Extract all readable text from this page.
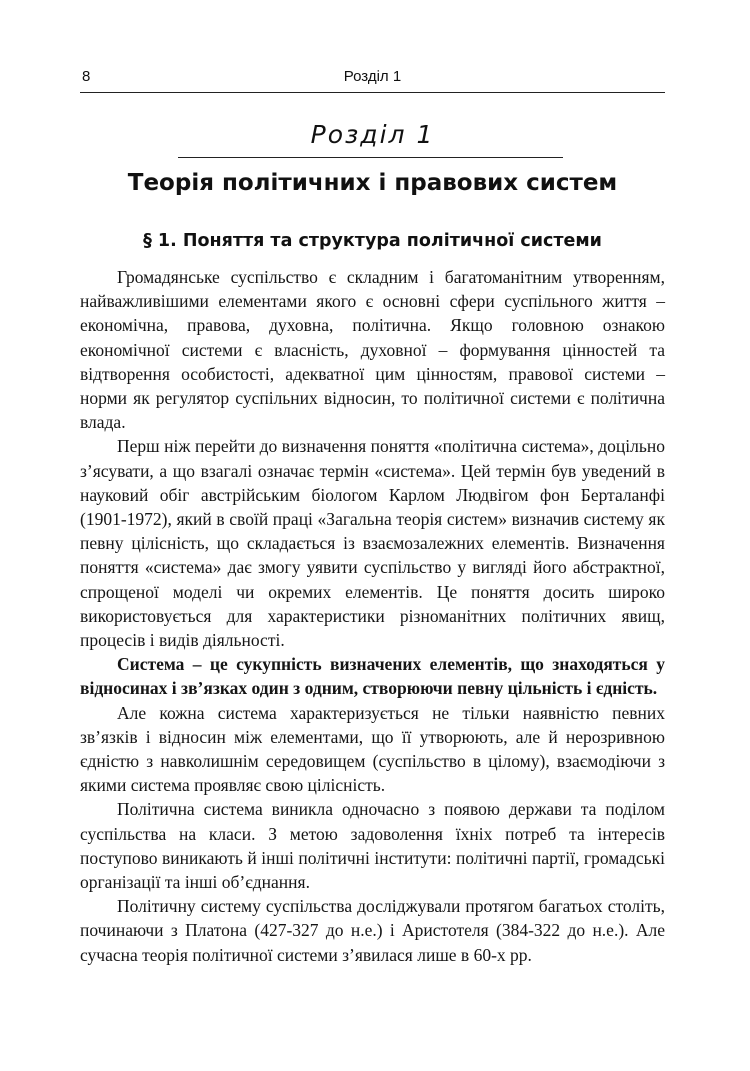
8	Розділ 1
Розділ 1
Теорія політичних і правових систем
§ 1. Поняття та структура політичної системи

Громадянське суспільство є складним і багатоманітним утворенням, найважливішими елементами якого є основні сфери суспільного життя – економічна, правова, духовна, політична. Якщо головною ознакою економічної системи є власність, духовної – формування цінностей та відтворення особистості, адекватної цим цінностям, правової системи – норми як регулятор суспільних відносин, то політичної системи є політична влада.

Перш ніж перейти до визначення поняття «політична система», доцільно з’ясувати, а що взагалі означає термін «система». Цей термін був уведений в науковий обіг австрійським біологом Карлом Людвігом фон Берталанфі (1901-1972), який в своїй праці «Загальна теорія систем» визначив систему як певну цілісність, що складається із взаємозалежних елементів. Визначення поняття «система» дає змогу уявити суспільство у вигляді його абстрактної, спрощеної моделі чи окремих елементів. Це поняття досить широко використовується для характеристики різноманітних політичних явищ, процесів і видів діяльності.

Система – це сукупність визначених елементів, що знаходяться у відносинах і зв’язках один з одним, створюючи певну цільність і єдність.

Але кожна система характеризується не тільки наявністю певних зв’язків і відносин між елементами, що її утворюють, але й нерозривною єдністю з навколишнім середовищем (суспільство в цілому), взаємодіючи з якими система проявляє свою цілісність.

Політична система виникла одночасно з появою держави та поділом суспільства на класи. З метою задоволення їхніх потреб та інтересів поступово виникають й інші політичні інститути: політичні партії, громадські організації та інші об’єднання.

Політичну систему суспільства досліджували протягом багатьох століть, починаючи з Платона (427-327 до н.е.) і Аристотеля (384-322 до н.е.). Але сучасна теорія політичної системи з’явилася лише в 60-х рр.
